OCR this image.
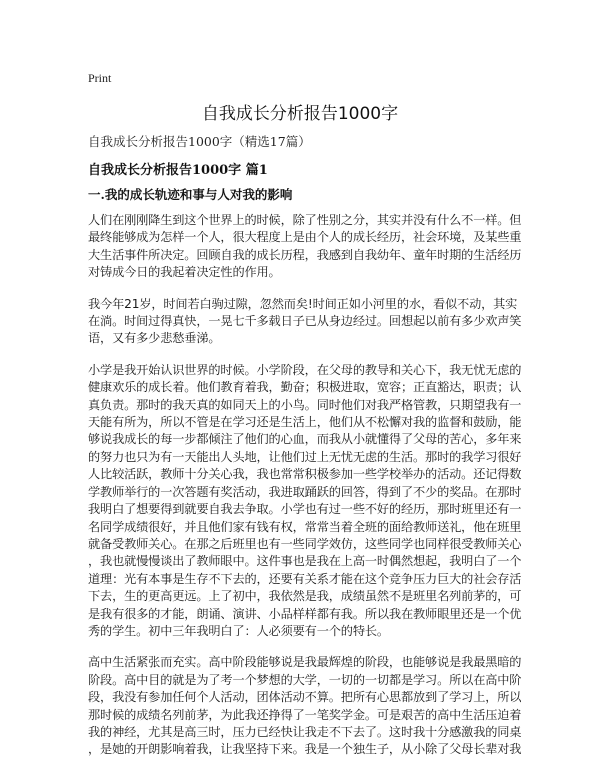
Print
自我成长分析报告1000字
自我成长分析报告1000字（精选17篇）
自我成长分析报告1000字 篇1
一.我的成长轨迹和事与人对我的影响
人们在刚刚降生到这个世界上的时候，除了性别之分，其实并没有什么不一样。但
最终能够成为怎样一个人，很大程度上是由个人的成长经历，社会环境，及某些重
大生活事件所决定。回顾自我的成长历程，我感到自我幼年、童年时期的生活经历
对铸成今日的我起着决定性的作用。
我今年21岁，时间若白驹过隙，忽然而矣!时间正如小河里的水，看似不动，其实
在淌。时间过得真快，一晃七千多载日子已从身边经过。回想起以前有多少欢声笑
语，又有多少悲愁垂涕。
小学是我开始认识世界的时候。小学阶段，在父母的教导和关心下，我无忧无虑的
健康欢乐的成长着。他们教育着我，勤奋；积极进取，宽容；正直豁达，职责；认
真负责。那时的我天真的如同天上的小鸟。同时他们对我严格管教，只期望我有一
天能有所为，所以不管是在学习还是生活上，他们从不松懈对我的监督和鼓励，能
够说我成长的每一步都倾注了他们的心血，而我从小就懂得了父母的苦心，多年来
的努力也只为有一天能出人头地，让他们过上无忧无虑的生活。那时的我学习很好
人比较活跃，教师十分关心我，我也常常积极参加一些学校举办的活动。还记得数
学教师举行的一次答题有奖活动，我进取踊跃的回答，得到了不少的奖品。在那时
我明白了想要得到就要自我去争取。小学也有过一些不好的经历，那时班里还有一
名同学成绩很好，并且他们家有钱有权，常常当着全班的面给教师送礼，他在班里
就备受教师关心。在那之后班里也有一些同学效仿，这些同学也同样很受教师关心
，我也就慢慢谈出了教师眼中。这件事也是我在上高一时偶然想起，我明白了一个
道理：光有本事是生存不下去的，还要有关系才能在这个竞争压力巨大的社会存活
下去，生的更高更远。上了初中，我依然是我，成绩虽然不是班里名列前茅的，可
是我有很多的才能，朗诵、演讲、小品样样都有我。所以我在教师眼里还是一个优
秀的学生。初中三年我明白了：人必须要有一个的特长。
高中生活紧张而充实。高中阶段能够说是我最辉煌的阶段，也能够说是我最黑暗的
阶段。高中目的就是为了考一个梦想的大学，一切的一切都是学习。所以在高中阶
段，我没有参加任何个人活动，团体活动不算。把所有心思都放到了学习上，所以
那时候的成绩名列前茅，为此我还挣得了一笔奖学金。可是艰苦的高中生活压迫着
我的神经，尤其是高三时，压力已经快让我走不下去了。这时我十分感激我的同桌
，是她的开朗影响着我，让我坚持下来。我是一个独生子，从小除了父母长辈对我
